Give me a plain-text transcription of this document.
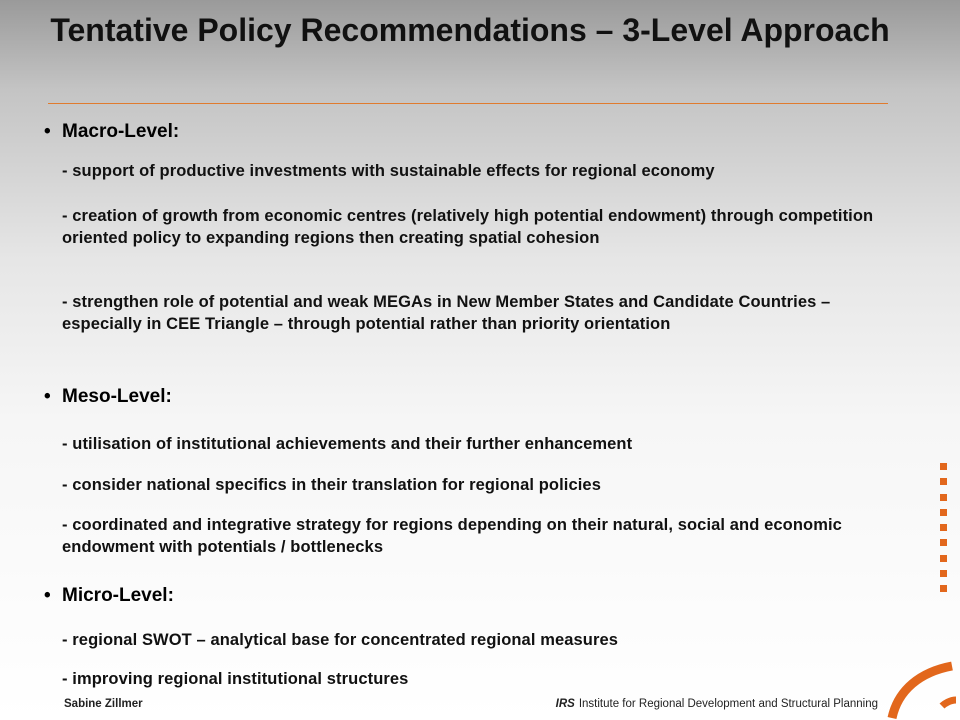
Tentative Policy Recommendations – 3-Level Approach
• Macro-Level:
- support of productive investments with sustainable effects for regional economy
- creation of growth from economic centres (relatively high potential endowment) through competition oriented policy to expanding regions then creating spatial cohesion
- strengthen role of potential and weak MEGAs in New Member States and Candidate Countries – especially in CEE Triangle – through potential rather than priority orientation
• Meso-Level:
- utilisation of institutional achievements and their further enhancement
- consider national specifics in their translation for regional policies
- coordinated and integrative strategy for regions depending on their natural, social and economic endowment with potentials / bottlenecks
• Micro-Level:
- regional SWOT – analytical base for concentrated regional measures
- improving regional institutional structures
Sabine Zillmer	IRS Institute for Regional Development and Structural Planning
